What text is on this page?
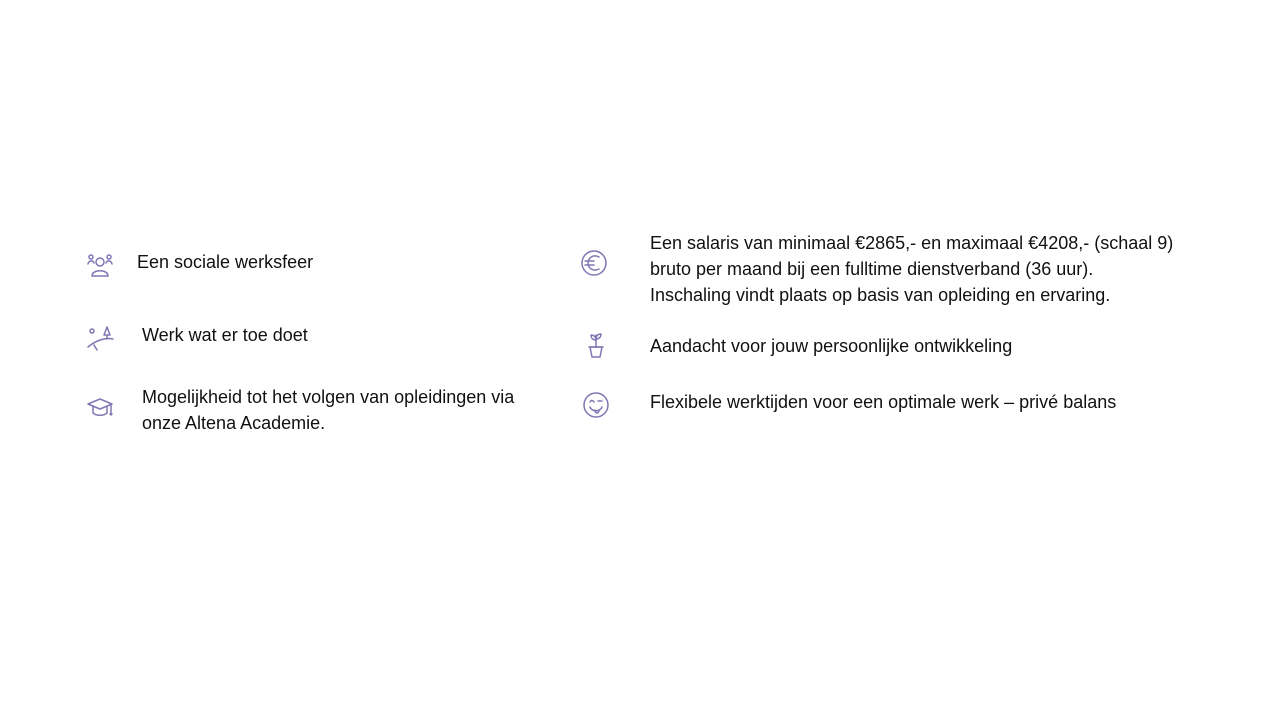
Een sociale werksfeer
Werk wat er toe doet
Mogelijkheid tot het volgen van opleidingen via
onze Altena Academie.
Een salaris van minimaal €2865,- en maximaal €4208,- (schaal 9)
bruto per maand bij een fulltime dienstverband (36 uur).
Inschaling vindt plaats op basis van opleiding en ervaring.
Aandacht voor jouw persoonlijke ontwikkeling
Flexibele werktijden voor een optimale werk – privé balans
